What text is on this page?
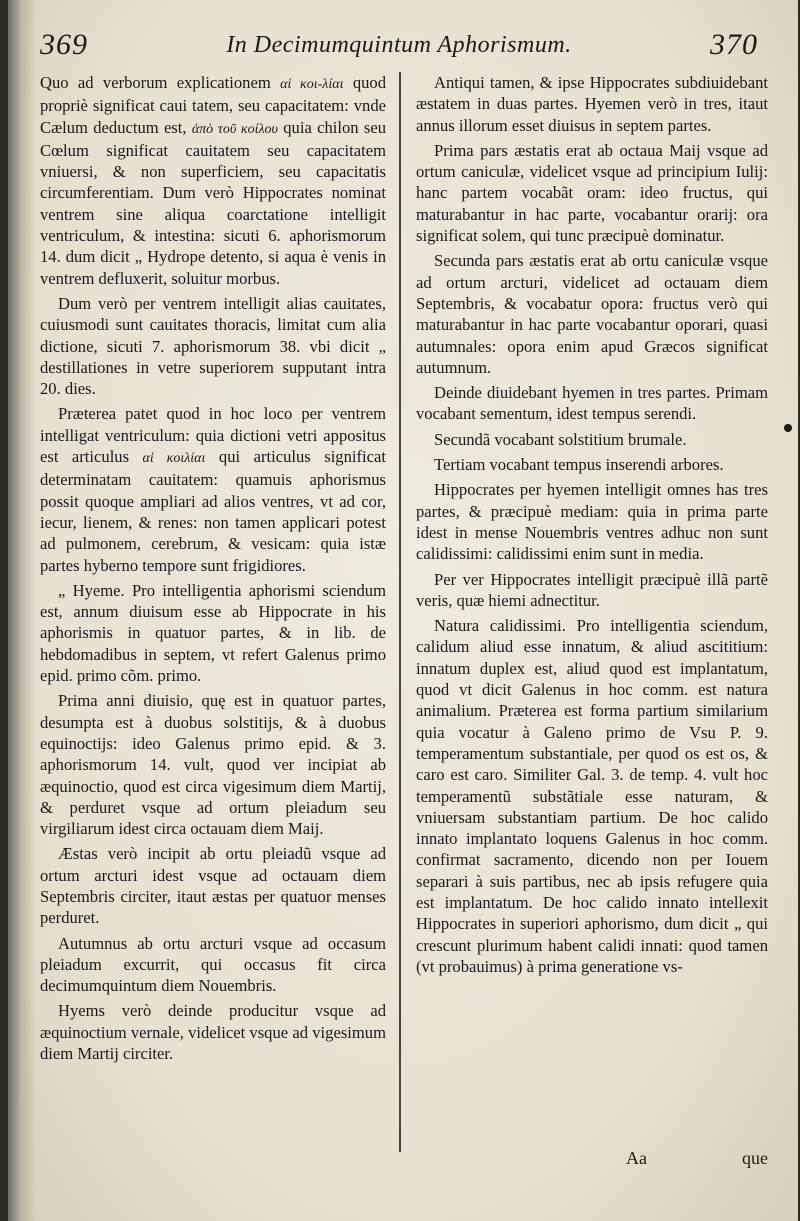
369	In Decimumquintum Aphorismum.	370

Quo ad verborum explicationem αἱ κοι-λίαι quod propriè significat caui tatem, seu capacitatem: vnde Cælum deductum est, ἀπὸ τοῦ κοίλου quia chilon seu Cœlum significat cauitatem seu capacitatem vniuersi, & non superficiem, seu capacitatis circumferentiam. Dum verò Hippocrates nominat ventrem sine aliqua coarctatione intelligit ventriculum, & intestina: sicuti 6. aphorismorum 14. dum dicit „ Hydrope detento, si aqua è venis in ventrem defluxerit, soluitur morbus.

Dum verò per ventrem intelligit alias cauitates, cuiusmodi sunt cauitates thoracis, limitat cum alia dictione, sicuti 7. aphorismorum 38. vbi dicit „ destillationes in vetre superiorem supputant intra 20. dies.

Præterea patet quod in hoc loco per ventrem intelligat ventriculum: quia dictioni vetri appositus est articulus αἱ κοιλίαι qui articulus significat determinatam cauitatem: quamuis aphorismus possit quoque ampliari ad alios ventres, vt ad cor, iecur, lienem, & renes: non tamen applicari potest ad pulmonem, cerebrum, & vesicam: quia istæ partes hyberno tempore sunt frigidiores.

„ Hyeme. Pro intelligentia aphorismi sciendum est, annum diuisum esse ab Hippocrate in his aphorismis in quatuor partes, & in lib. de hebdomadibus in septem, vt refert Galenus primo epid. primo cõm. primo.

Prima anni diuisio, quę est in quatuor partes, desumpta est à duobus solstitijs, & à duobus equinoctijs: ideo Galenus primo epid. & 3. aphorismorum 14. vult, quod ver incipiat ab æquinoctio, quod est circa vigesimum diem Martij, & perduret vsque ad ortum pleiadum seu virgiliarum idest circa octauam diem Maij.

Æstas verò incipit ab ortu pleiadũ vsque ad ortum arcturi idest vsque ad octauam diem Septembris circiter, itaut æstas per quatuor menses perduret.

Autumnus ab ortu arcturi vsque ad occasum pleiadum excurrit, qui occasus fit circa decimumquintum diem Nouembris.

Hyems verò deinde producitur vsque ad æquinoctium vernale, videlicet vsque ad vigesimum diem Martij circiter.

Antiqui tamen, & ipse Hippocrates subdiuidebant æstatem in duas partes. Hyemen verò in tres, itaut annus illorum esset diuisus in septem partes.

Prima pars æstatis erat ab octaua Maij vsque ad ortum caniculæ, videlicet vsque ad principium Iulij: hanc partem vocabãt oram: ideo fructus, qui maturabantur in hac parte, vocabantur orarij: ora significat solem, qui tunc præcipuè dominatur.

Secunda pars æstatis erat ab ortu caniculæ vsque ad ortum arcturi, videlicet ad octauam diem Septembris, & vocabatur opora: fructus verò qui maturabantur in hac parte vocabantur oporari, quasi autumnales: opora enim apud Græcos significat autumnum.

Deinde diuidebant hyemen in tres partes. Primam vocabant sementum, idest tempus serendi.

Secundã vocabant solstitium brumale.

Tertiam vocabant tempus inserendi arbores.

Hippocrates per hyemen intelligit omnes has tres partes, & præcipuè mediam: quia in prima parte idest in mense Nouembris ventres adhuc non sunt calidissimi: calidissimi enim sunt in media.

Per ver Hippocrates intelligit præcipuè illã partẽ veris, quæ hiemi adnectitur.

Natura calidissimi. Pro intelligentia sciendum, calidum aliud esse innatum, & aliud ascititium: innatum duplex est, aliud quod est implantatum, quod vt dicit Galenus in hoc comm. est natura animalium. Præterea est forma partium similarium quia vocatur à Galeno primo de Vsu P. 9. temperamentum substantiale, per quod os est os, & caro est caro. Similiter Gal. 3. de temp. 4. vult hoc temperamentũ substãtiale esse naturam, & vniuersam substantiam partium. De hoc calido innato implantato loquens Galenus in hoc comm. confirmat sacramento, dicendo non per Iouem separari à suis partibus, nec ab ipsis refugere quia est implantatum. De hoc calido innato intellexit Hippocrates in superiori aphorismo, dum dicit „ qui crescunt plurimum habent calidi innati: quod tamen (vt probauimus) à prima generatione vs-

Aa	que
